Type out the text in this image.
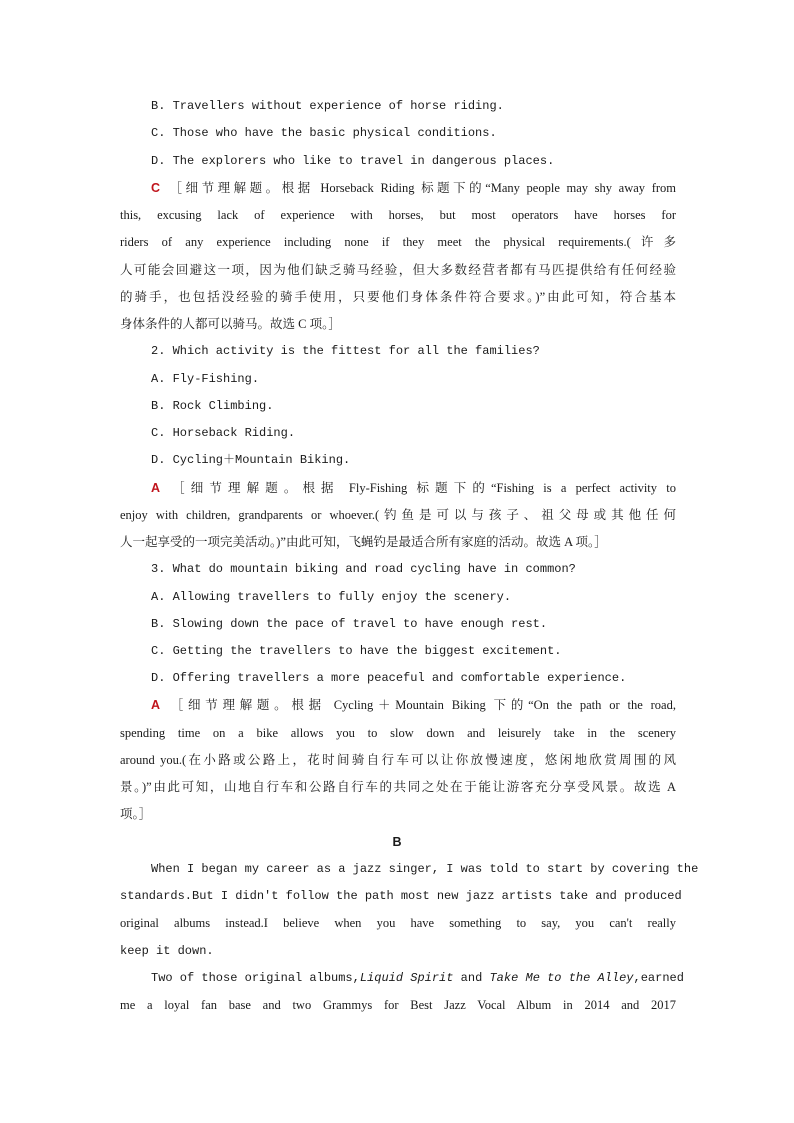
B. Travellers without experience of horse riding.
C. Those who have the basic physical conditions.
D. The explorers who like to travel in dangerous places.
C ［细节理解题。根据 Horseback Riding 标题下的“Many people may shy away from
this, excusing lack of experience with horses, but most operators have horses for
riders of any experience including none if they meet the physical requirements.(许多
人可能会回避这一项，因为他们缺乏骑马经验，但大多数经营者都有马匹提供给有任何经验
的骑手，也包括没经验的骑手使用，只要他们身体条件符合要求。)”由此可知，符合基本
身体条件的人都可以骑马。故选 C 项。］
2. Which activity is the fittest for all the families?
A. Fly-Fishing.
B. Rock Climbing.
C. Horseback Riding.
D. Cycling＋Mountain Biking.
A ［细节理解题。根据 Fly-Fishing 标题下的“Fishing is a perfect activity to
enjoy with children, grandparents or whoever.(钓鱼是可以与孩子、祖父母或其他任何
人一起享受的一项完美活动。)”由此可知，飞蝇钓是最适合所有家庭的活动。故选 A 项。］
3. What do mountain biking and road cycling have in common?
A. Allowing travellers to fully enjoy the scenery.
B. Slowing down the pace of travel to have enough rest.
C. Getting the travellers to have the biggest excitement.
D. Offering travellers a more peaceful and comfortable experience.
A ［细节理解题。根据 Cycling＋Mountain Biking 下的“On the path or the road,
spending time on a bike allows you to slow down and leisurely take in the scenery
around you.(在小路或公路上，花时间骑自行车可以让你放慢速度，悠闲地欣赏周围的风
景。)”由此可知，山地自行车和公路自行车的共同之处在于能让游客充分享受风景。故选 A
项。］
B
When I began my career as a jazz singer, I was told to start by covering the
standards.But I didn't follow the path most new jazz artists take and produced
original albums instead.I believe when you have something to say, you can't really
keep it down.
Two of those original albums,Liquid Spirit and Take Me to the Alley,earned
me a loyal fan base and two Grammys for Best Jazz Vocal Album in 2014 and 2017
